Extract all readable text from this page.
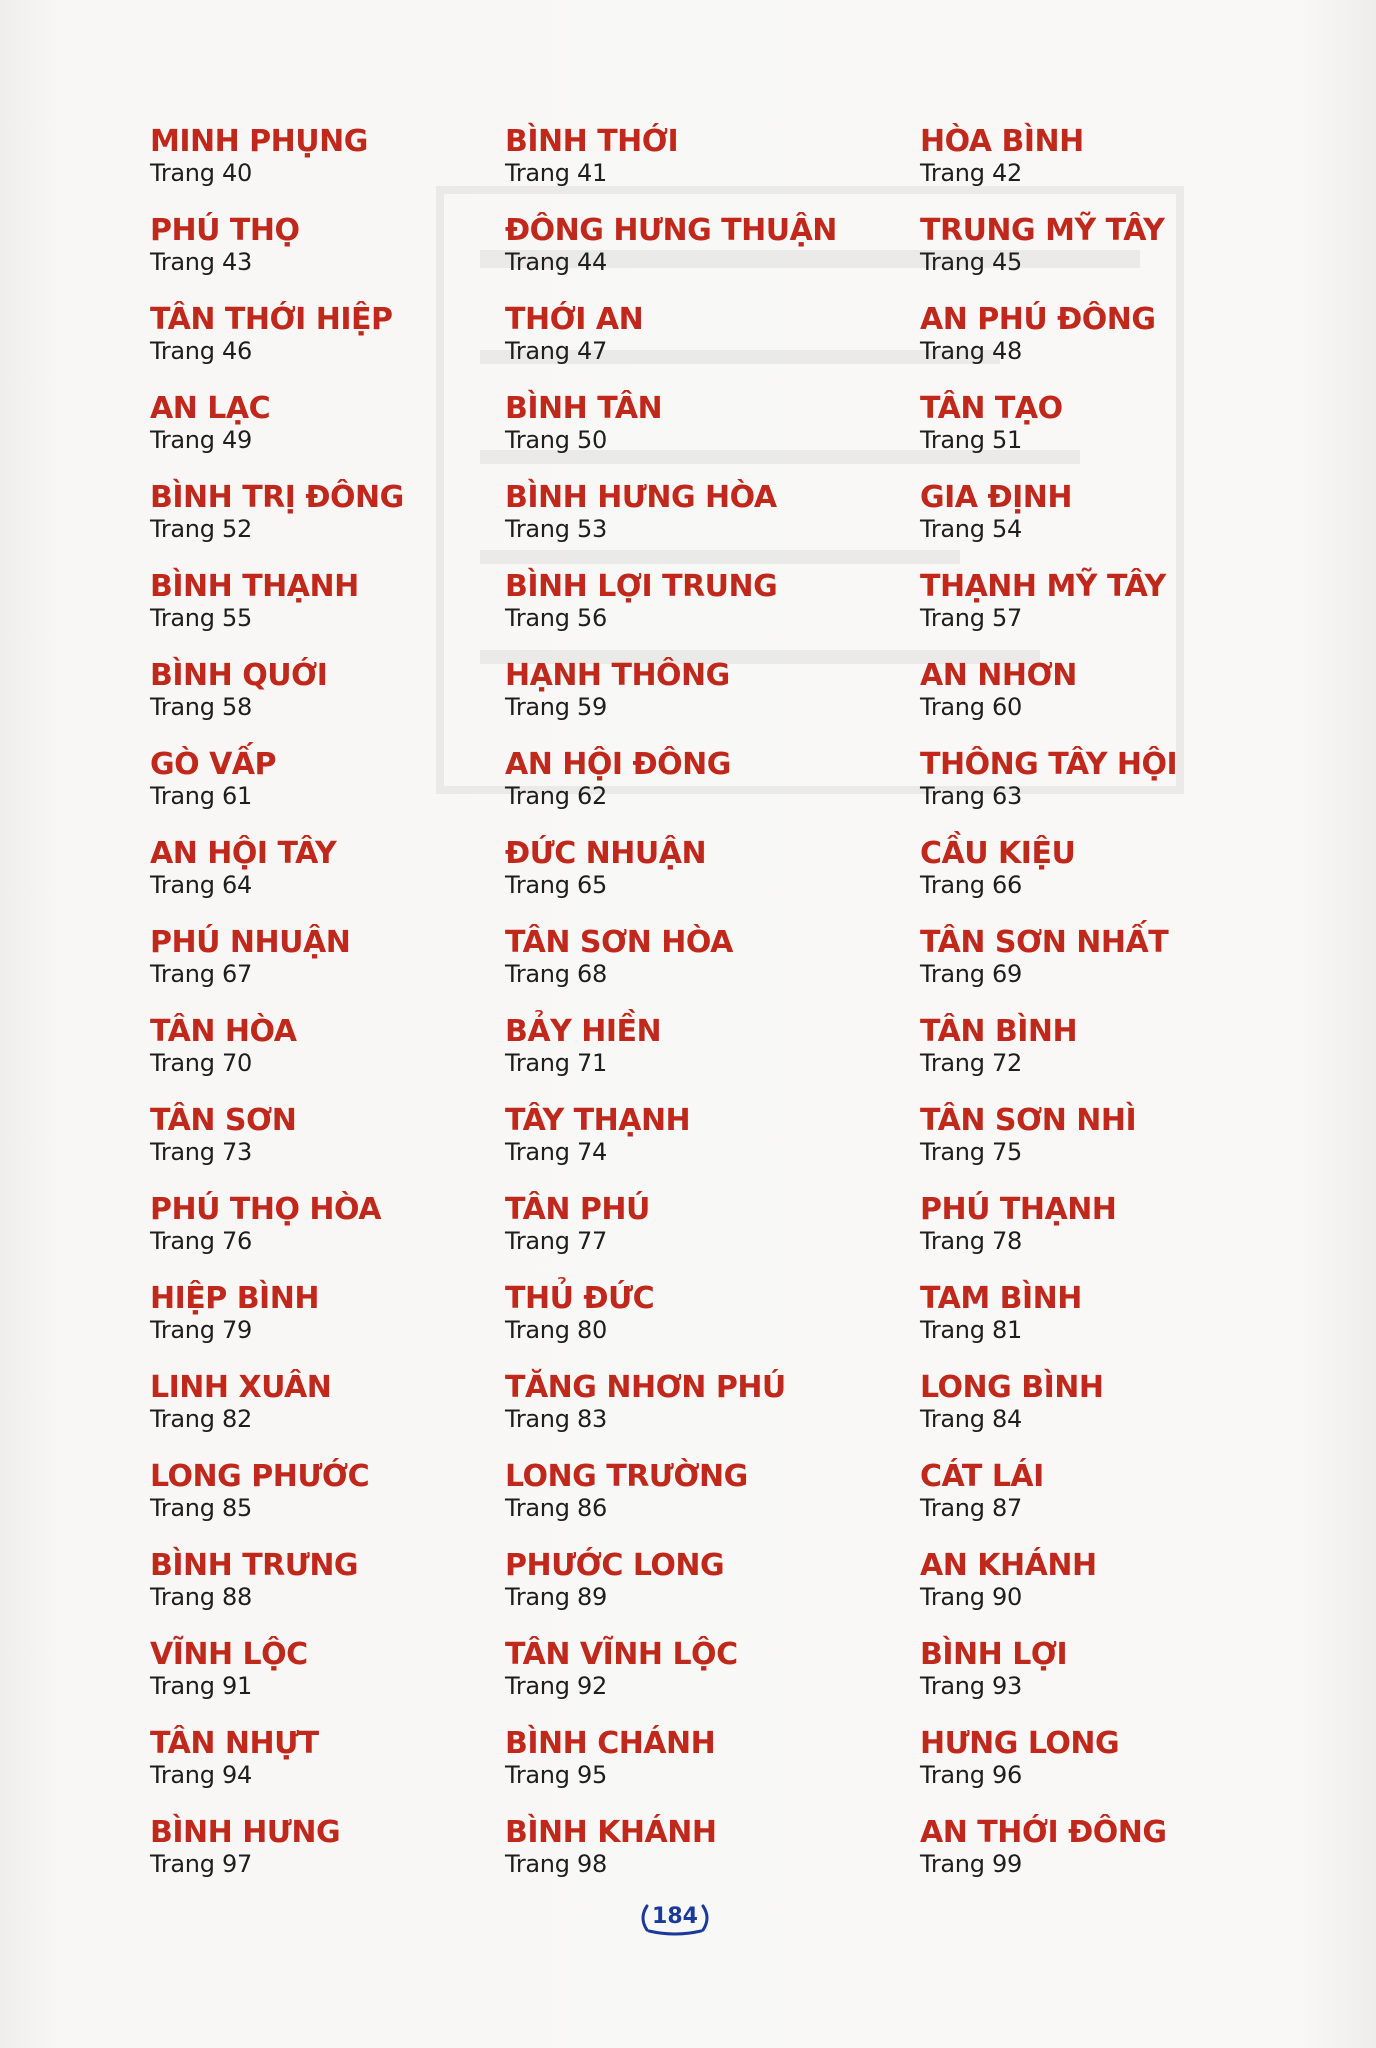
MINH PHỤNG
Trang 40
PHÚ THỌ
Trang 43
TÂN THỚI HIỆP
Trang 46
AN LẠC
Trang 49
BÌNH TRỊ ĐÔNG
Trang 52
BÌNH THẠNH
Trang 55
BÌNH QUỚI
Trang 58
GÒ VẤP
Trang 61
AN HỘI TÂY
Trang 64
PHÚ NHUẬN
Trang 67
TÂN HÒA
Trang 70
TÂN SƠN
Trang 73
PHÚ THỌ HÒA
Trang 76
HIỆP BÌNH
Trang 79
LINH XUÂN
Trang 82
LONG PHƯỚC
Trang 85
BÌNH TRƯNG
Trang 88
VĨNH LỘC
Trang 91
TÂN NHỰT
Trang 94
BÌNH HƯNG
Trang 97
BÌNH THỚI
Trang 41
ĐÔNG HƯNG THUẬN
Trang 44
THỚI AN
Trang 47
BÌNH TÂN
Trang 50
BÌNH HƯNG HÒA
Trang 53
BÌNH LỢI TRUNG
Trang 56
HẠNH THÔNG
Trang 59
AN HỘI ĐÔNG
Trang 62
ĐỨC NHUẬN
Trang 65
TÂN SƠN HÒA
Trang 68
BẢY HIỀN
Trang 71
TÂY THẠNH
Trang 74
TÂN PHÚ
Trang 77
THỦ ĐỨC
Trang 80
TĂNG NHƠN PHÚ
Trang 83
LONG TRƯỜNG
Trang 86
PHƯỚC LONG
Trang 89
TÂN VĨNH LỘC
Trang 92
BÌNH CHÁNH
Trang 95
BÌNH KHÁNH
Trang 98
HÒA BÌNH
Trang 42
TRUNG MỸ TÂY
Trang 45
AN PHÚ ĐÔNG
Trang 48
TÂN TẠO
Trang 51
GIA ĐỊNH
Trang 54
THẠNH MỸ TÂY
Trang 57
AN NHƠN
Trang 60
THÔNG TÂY HỘI
Trang 63
CẦU KIỆU
Trang 66
TÂN SƠN NHẤT
Trang 69
TÂN BÌNH
Trang 72
TÂN SƠN NHÌ
Trang 75
PHÚ THẠNH
Trang 78
TAM BÌNH
Trang 81
LONG BÌNH
Trang 84
CÁT LÁI
Trang 87
AN KHÁNH
Trang 90
BÌNH LỢI
Trang 93
HƯNG LONG
Trang 96
AN THỚI ĐÔNG
Trang 99
184
